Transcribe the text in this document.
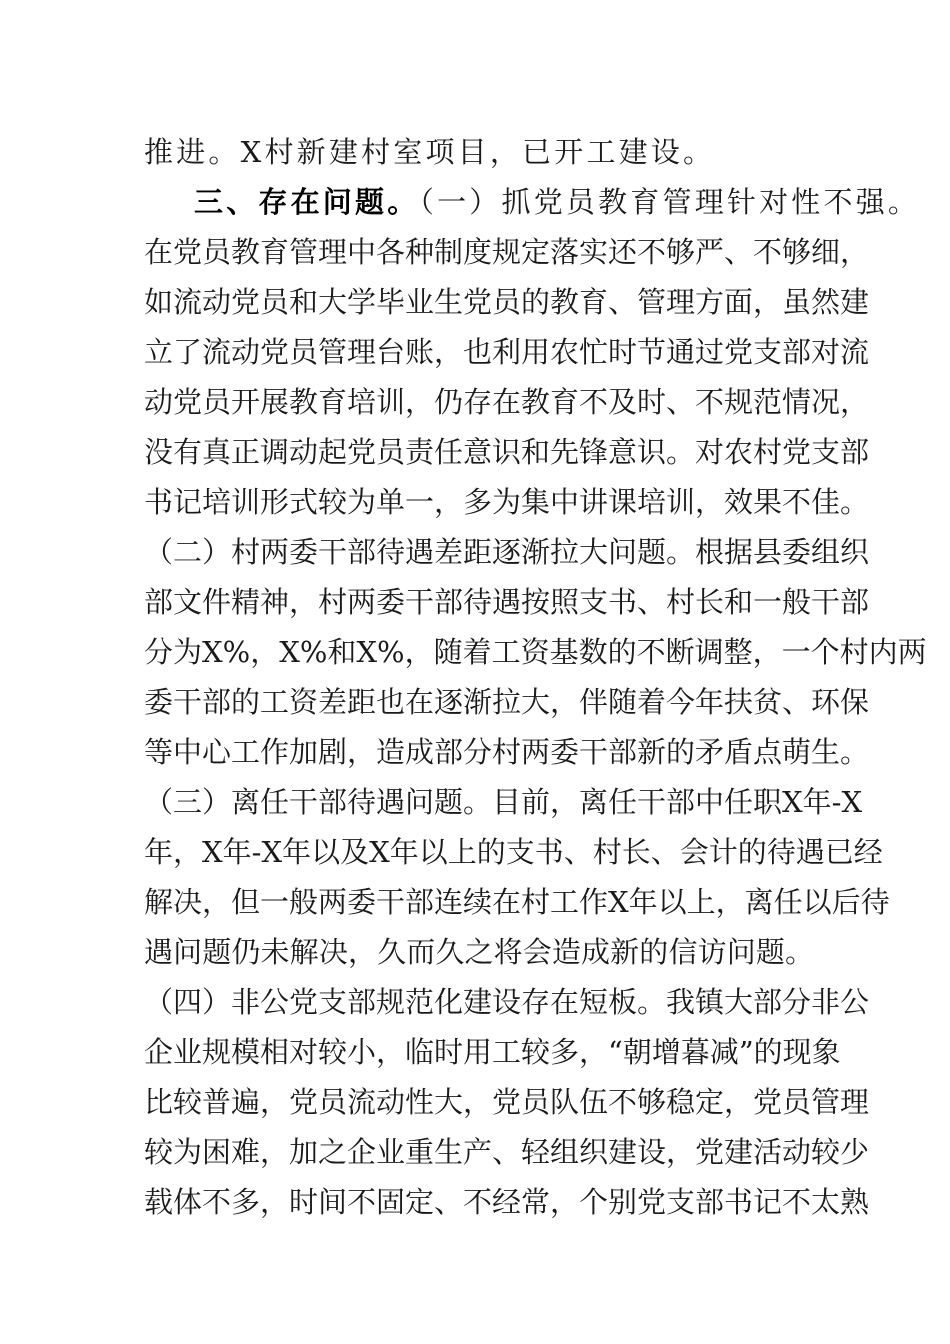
推进。X村新建村室项目，已开工建设。
三、存在问题。（一）抓党员教育管理针对性不强。
在党员教育管理中各种制度规定落实还不够严、不够细，
如流动党员和大学毕业生党员的教育、管理方面，虽然建
立了流动党员管理台账，也利用农忙时节通过党支部对流
动党员开展教育培训，仍存在教育不及时、不规范情况，
没有真正调动起党员责任意识和先锋意识。对农村党支部
书记培训形式较为单一，多为集中讲课培训，效果不佳。
（二）村两委干部待遇差距逐渐拉大问题。根据县委组织
部文件精神，村两委干部待遇按照支书、村长和一般干部
分为X%，X%和X%，随着工资基数的不断调整，一个村内两
委干部的工资差距也在逐渐拉大，伴随着今年扶贫、环保
等中心工作加剧，造成部分村两委干部新的矛盾点萌生。
（三）离任干部待遇问题。目前，离任干部中任职X年-X
年，X年-X年以及X年以上的支书、村长、会计的待遇已经
解决，但一般两委干部连续在村工作X年以上，离任以后待
遇问题仍未解决，久而久之将会造成新的信访问题。
（四）非公党支部规范化建设存在短板。我镇大部分非公
企业规模相对较小，临时用工较多，“朝增暮减”的现象
比较普遍，党员流动性大，党员队伍不够稳定，党员管理
较为困难，加之企业重生产、轻组织建设，党建活动较少
载体不多，时间不固定、不经常，个别党支部书记不太熟
